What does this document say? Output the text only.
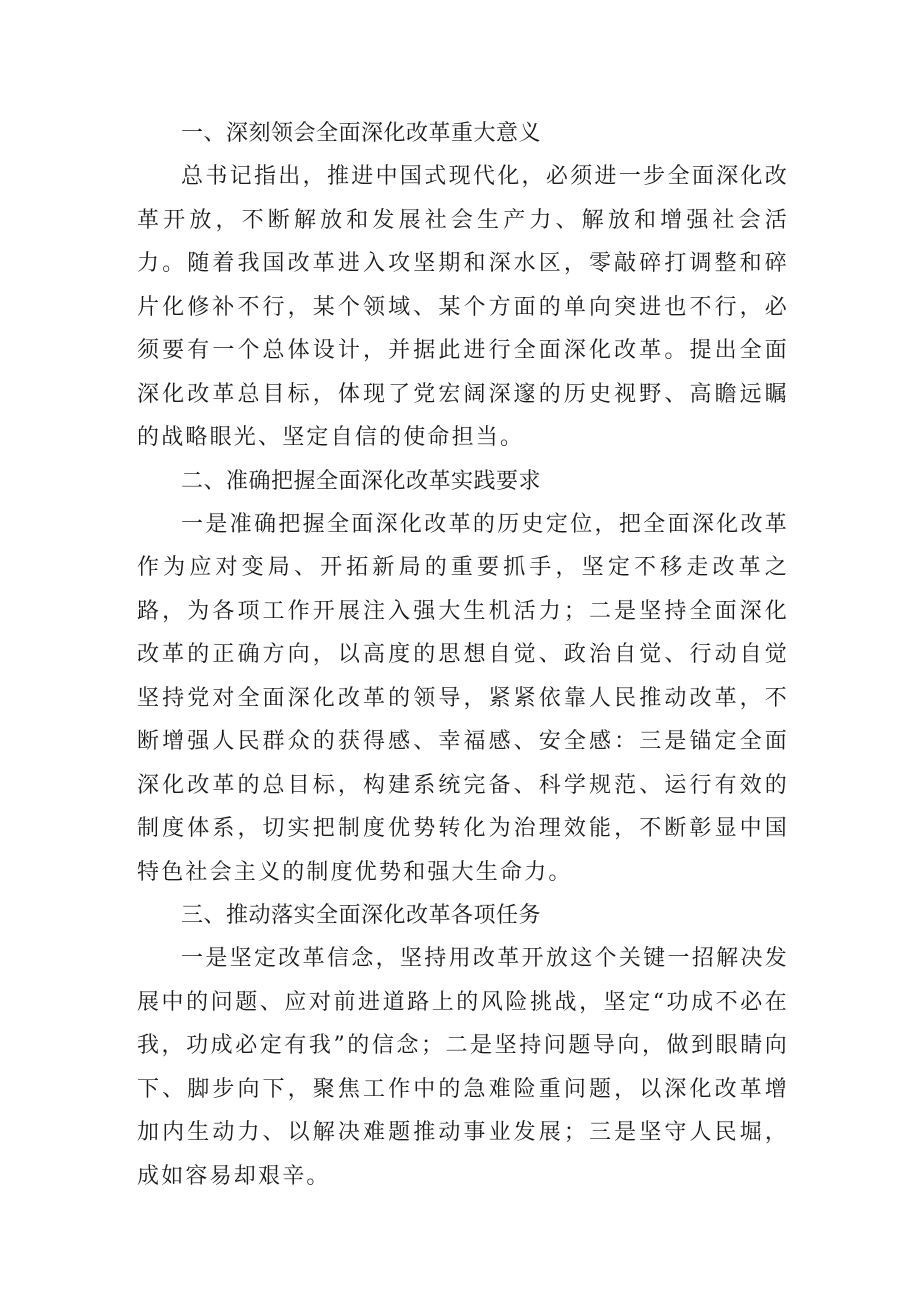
一、深刻领会全面深化改革重大意义

总书记指出，推进中国式现代化，必须进一步全面深化改革开放，不断解放和发展社会生产力、解放和增强社会活力。随着我国改革进入攻坚期和深水区，零敲碎打调整和碎片化修补不行，某个领域、某个方面的单向突进也不行，必须要有一个总体设计，并据此进行全面深化改革。提出全面深化改革总目标，体现了党宏阔深邃的历史视野、高瞻远瞩的战略眼光、坚定自信的使命担当。

二、准确把握全面深化改革实践要求

一是准确把握全面深化改革的历史定位，把全面深化改革作为应对变局、开拓新局的重要抓手，坚定不移走改革之路，为各项工作开展注入强大生机活力；二是坚持全面深化改革的正确方向，以高度的思想自觉、政治自觉、行动自觉坚持党对全面深化改革的领导，紧紧依靠人民推动改革，不断增强人民群众的获得感、幸福感、安全感：三是锚定全面深化改革的总目标，构建系统完备、科学规范、运行有效的制度体系，切实把制度优势转化为治理效能，不断彰显中国特色社会主义的制度优势和强大生命力。

三、推动落实全面深化改革各项任务

一是坚定改革信念，坚持用改革开放这个关键一招解决发展中的问题、应对前进道路上的风险挑战，坚定“功成不必在我，功成必定有我”的信念；二是坚持问题导向，做到眼睛向下、脚步向下，聚焦工作中的急难险重问题，以深化改革增加内生动力、以解决难题推动事业发展；三是坚守人民堀，成如容易却艰辛。
